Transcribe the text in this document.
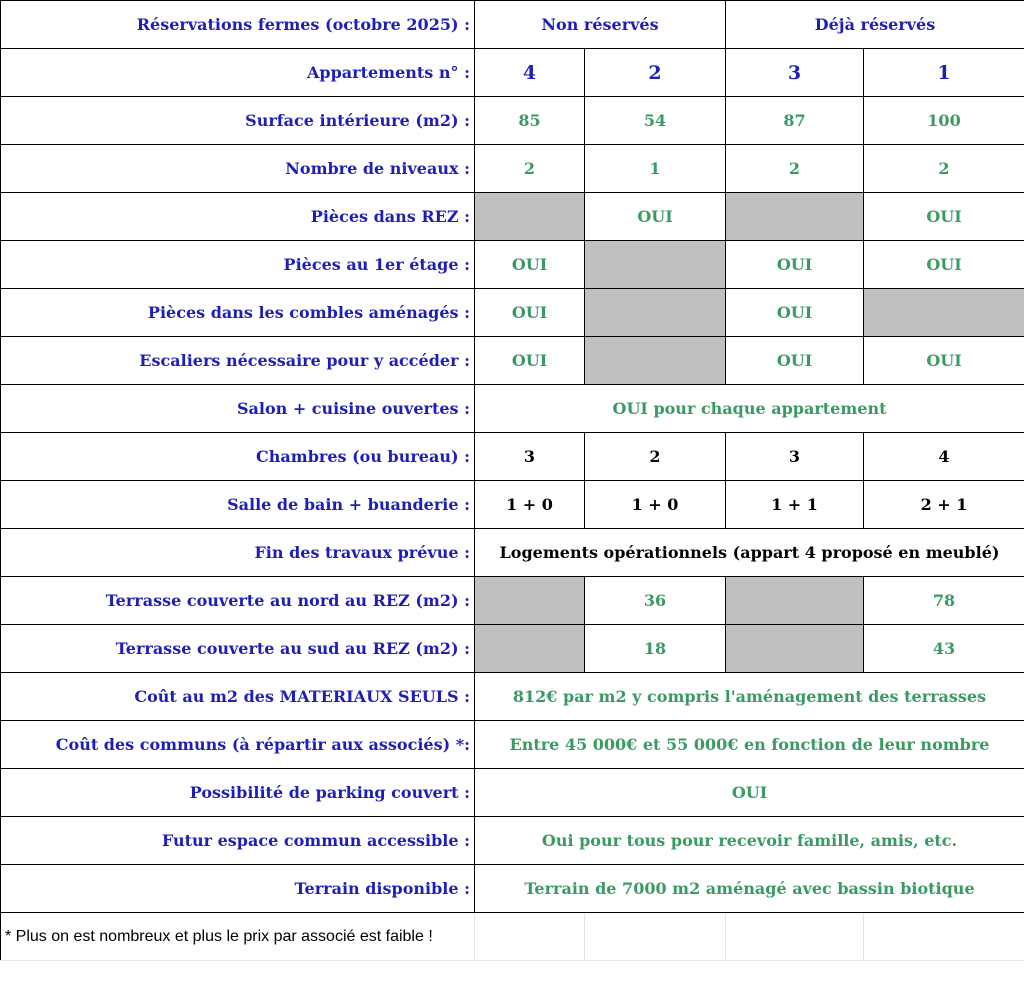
Réservations fermes (octobre 2025) :	Non réservés		Déjà réservés	
Appartements n° :	4	2	3	1
Surface intérieure (m2) :	85	54	87	100
Nombre de niveaux :	2	1	2	2
Pièces dans REZ :		OUI		OUI
Pièces au 1er étage :	OUI		OUI	OUI
Pièces dans les combles aménagés :	OUI		OUI	
Escaliers nécessaire pour y accéder :	OUI		OUI	OUI
Salon + cuisine ouvertes :	OUI pour chaque appartement			
Chambres (ou bureau) :	3	2	3	4
Salle de bain + buanderie :	1 + 0	1 + 0	1 + 1	2 + 1
Fin des travaux prévue :	Logements opérationnels (appart 4 proposé en meublé)			
Terrasse couverte au nord au REZ (m2) :		36		78
Terrasse couverte au sud au REZ (m2) :		18		43
Coût au m2 des MATERIAUX SEULS :	812€ par m2 y compris l'aménagement des terrasses			
Coût des communs (à répartir aux associés) *:	Entre 45 000€ et 55 000€ en fonction de leur nombre			
Possibilité de parking couvert :	OUI			
Futur espace commun accessible :	Oui pour tous pour recevoir famille, amis, etc.			
Terrain disponible :	Terrain de 7000 m2 aménagé avec bassin biotique			
* Plus on est nombreux et plus le prix par associé est faible !				
